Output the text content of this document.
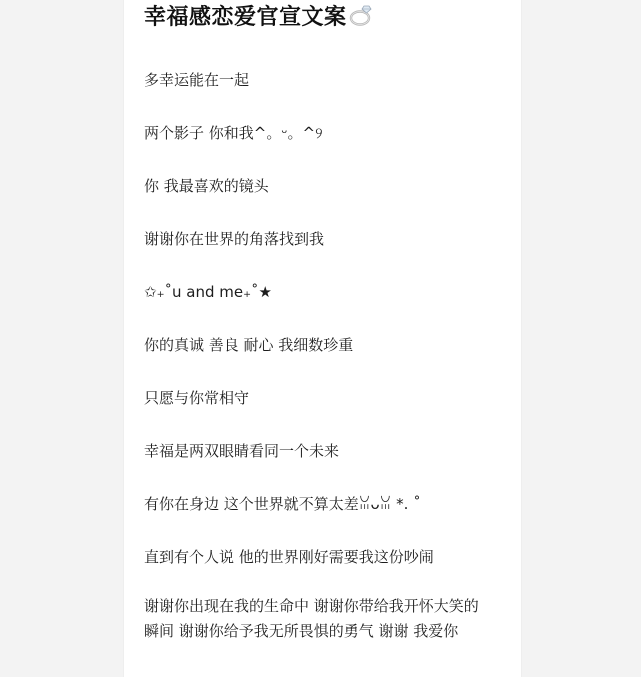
幸福感恋爱官宣文案
多幸运能在一起
两个影子 你和我^。ᵕ。^୨
你 我最喜欢的镜头
谢谢你在世界的角落找到我
✩₊˚u and me₊˚★
你的真诚 善良 耐心 我细数珍重
只愿与你常相守
幸福是两双眼睛看同一个未来
有你在身边 这个世界就不算太差ꈍᴗꈍ *. ˚
直到有个人说 他的世界刚好需要我这份吵闹
谢谢你出现在我的生命中 谢谢你带给我开怀大笑的瞬间 谢谢你给予我无所畏惧的勇气 谢谢 我爱你
